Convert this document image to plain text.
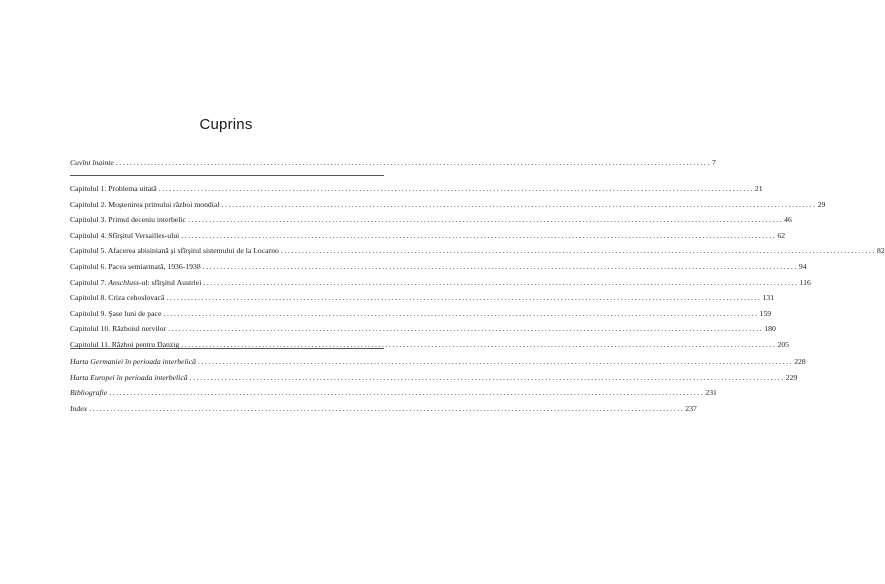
Cuprins
Cuvînt înainte ......................................................................................................................................................................... 7
Capitolul 1. Problema uitată ......................................................................................................................................................................... 21
Capitolul 2. Moştenirea primului război mondial ......................................................................................................................................................................... 29
Capitolul 3. Primul deceniu interbelic ......................................................................................................................................................................... 46
Capitolul 4. Sfîrşitul Versailles-ului ......................................................................................................................................................................... 62
Capitolul 5. Afacerea abisiniană şi sfîrşitul sistemului de la Locarno ......................................................................................................................................................................... 82
Capitolul 6. Pacea semiarmată, 1936-1938 ......................................................................................................................................................................... 94
Capitolul 7. Anschluss-ul: sfîrşitul Austriei ......................................................................................................................................................................... 116
Capitolul 8. Criza cehoslovacă ......................................................................................................................................................................... 131
Capitolul 9. Şase luni de pace ......................................................................................................................................................................... 159
Capitolul 10. Războiul nervilor ......................................................................................................................................................................... 180
Capitolul 11. Război pentru Danzig ......................................................................................................................................................................... 205
Harta Germaniei în perioada interbelică ......................................................................................................................................................................... 228
Harta Europei în perioada interbelică ......................................................................................................................................................................... 229
Bibliografie ......................................................................................................................................................................... 231
Index ......................................................................................................................................................................... 237
